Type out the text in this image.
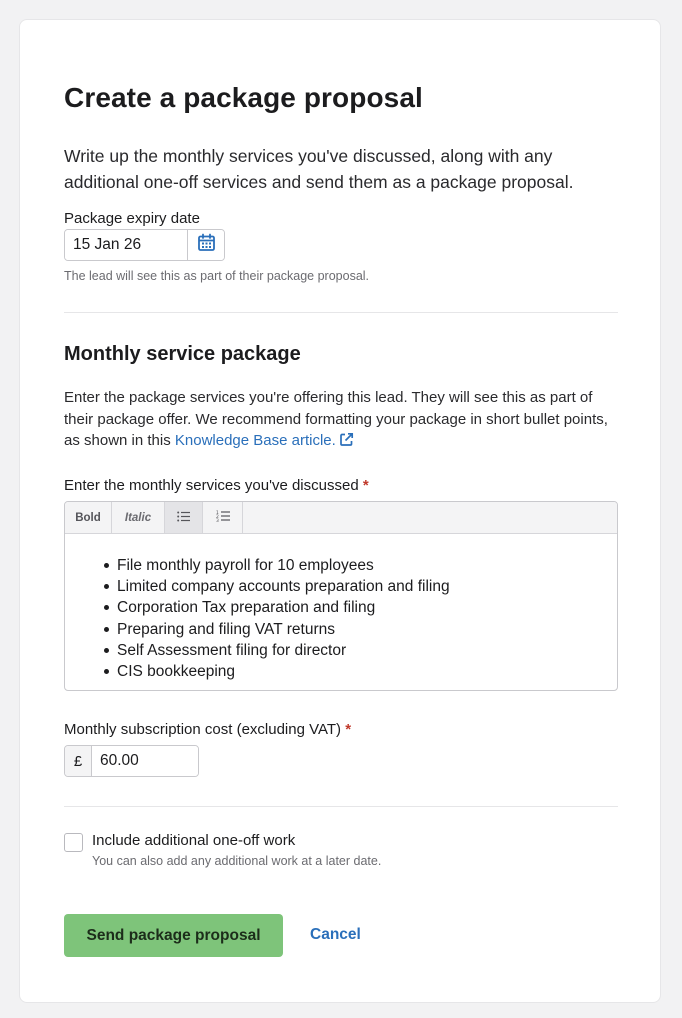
Create a package proposal

Write up the monthly services you've discussed, along with any additional one-off services and send them as a package proposal.

Package expiry date
15 Jan 26

The lead will see this as part of their package proposal.

Monthly service package

Enter the package services you're offering this lead. They will see this as part of their package offer. We recommend formatting your package in short bullet points, as shown in this Knowledge Base article.

Enter the monthly services you've discussed *
Bold	Italic	1
2
3
File monthly payroll for 10 employees
Limited company accounts preparation and filing
Corporation Tax preparation and filing
Preparing and filing VAT returns
Self Assessment filing for director
CIS bookkeeping
Monthly subscription cost (excluding VAT) *
£
60.00
Include additional one-off work
You can also add any additional work at a later date.
Send package proposal	Cancel
